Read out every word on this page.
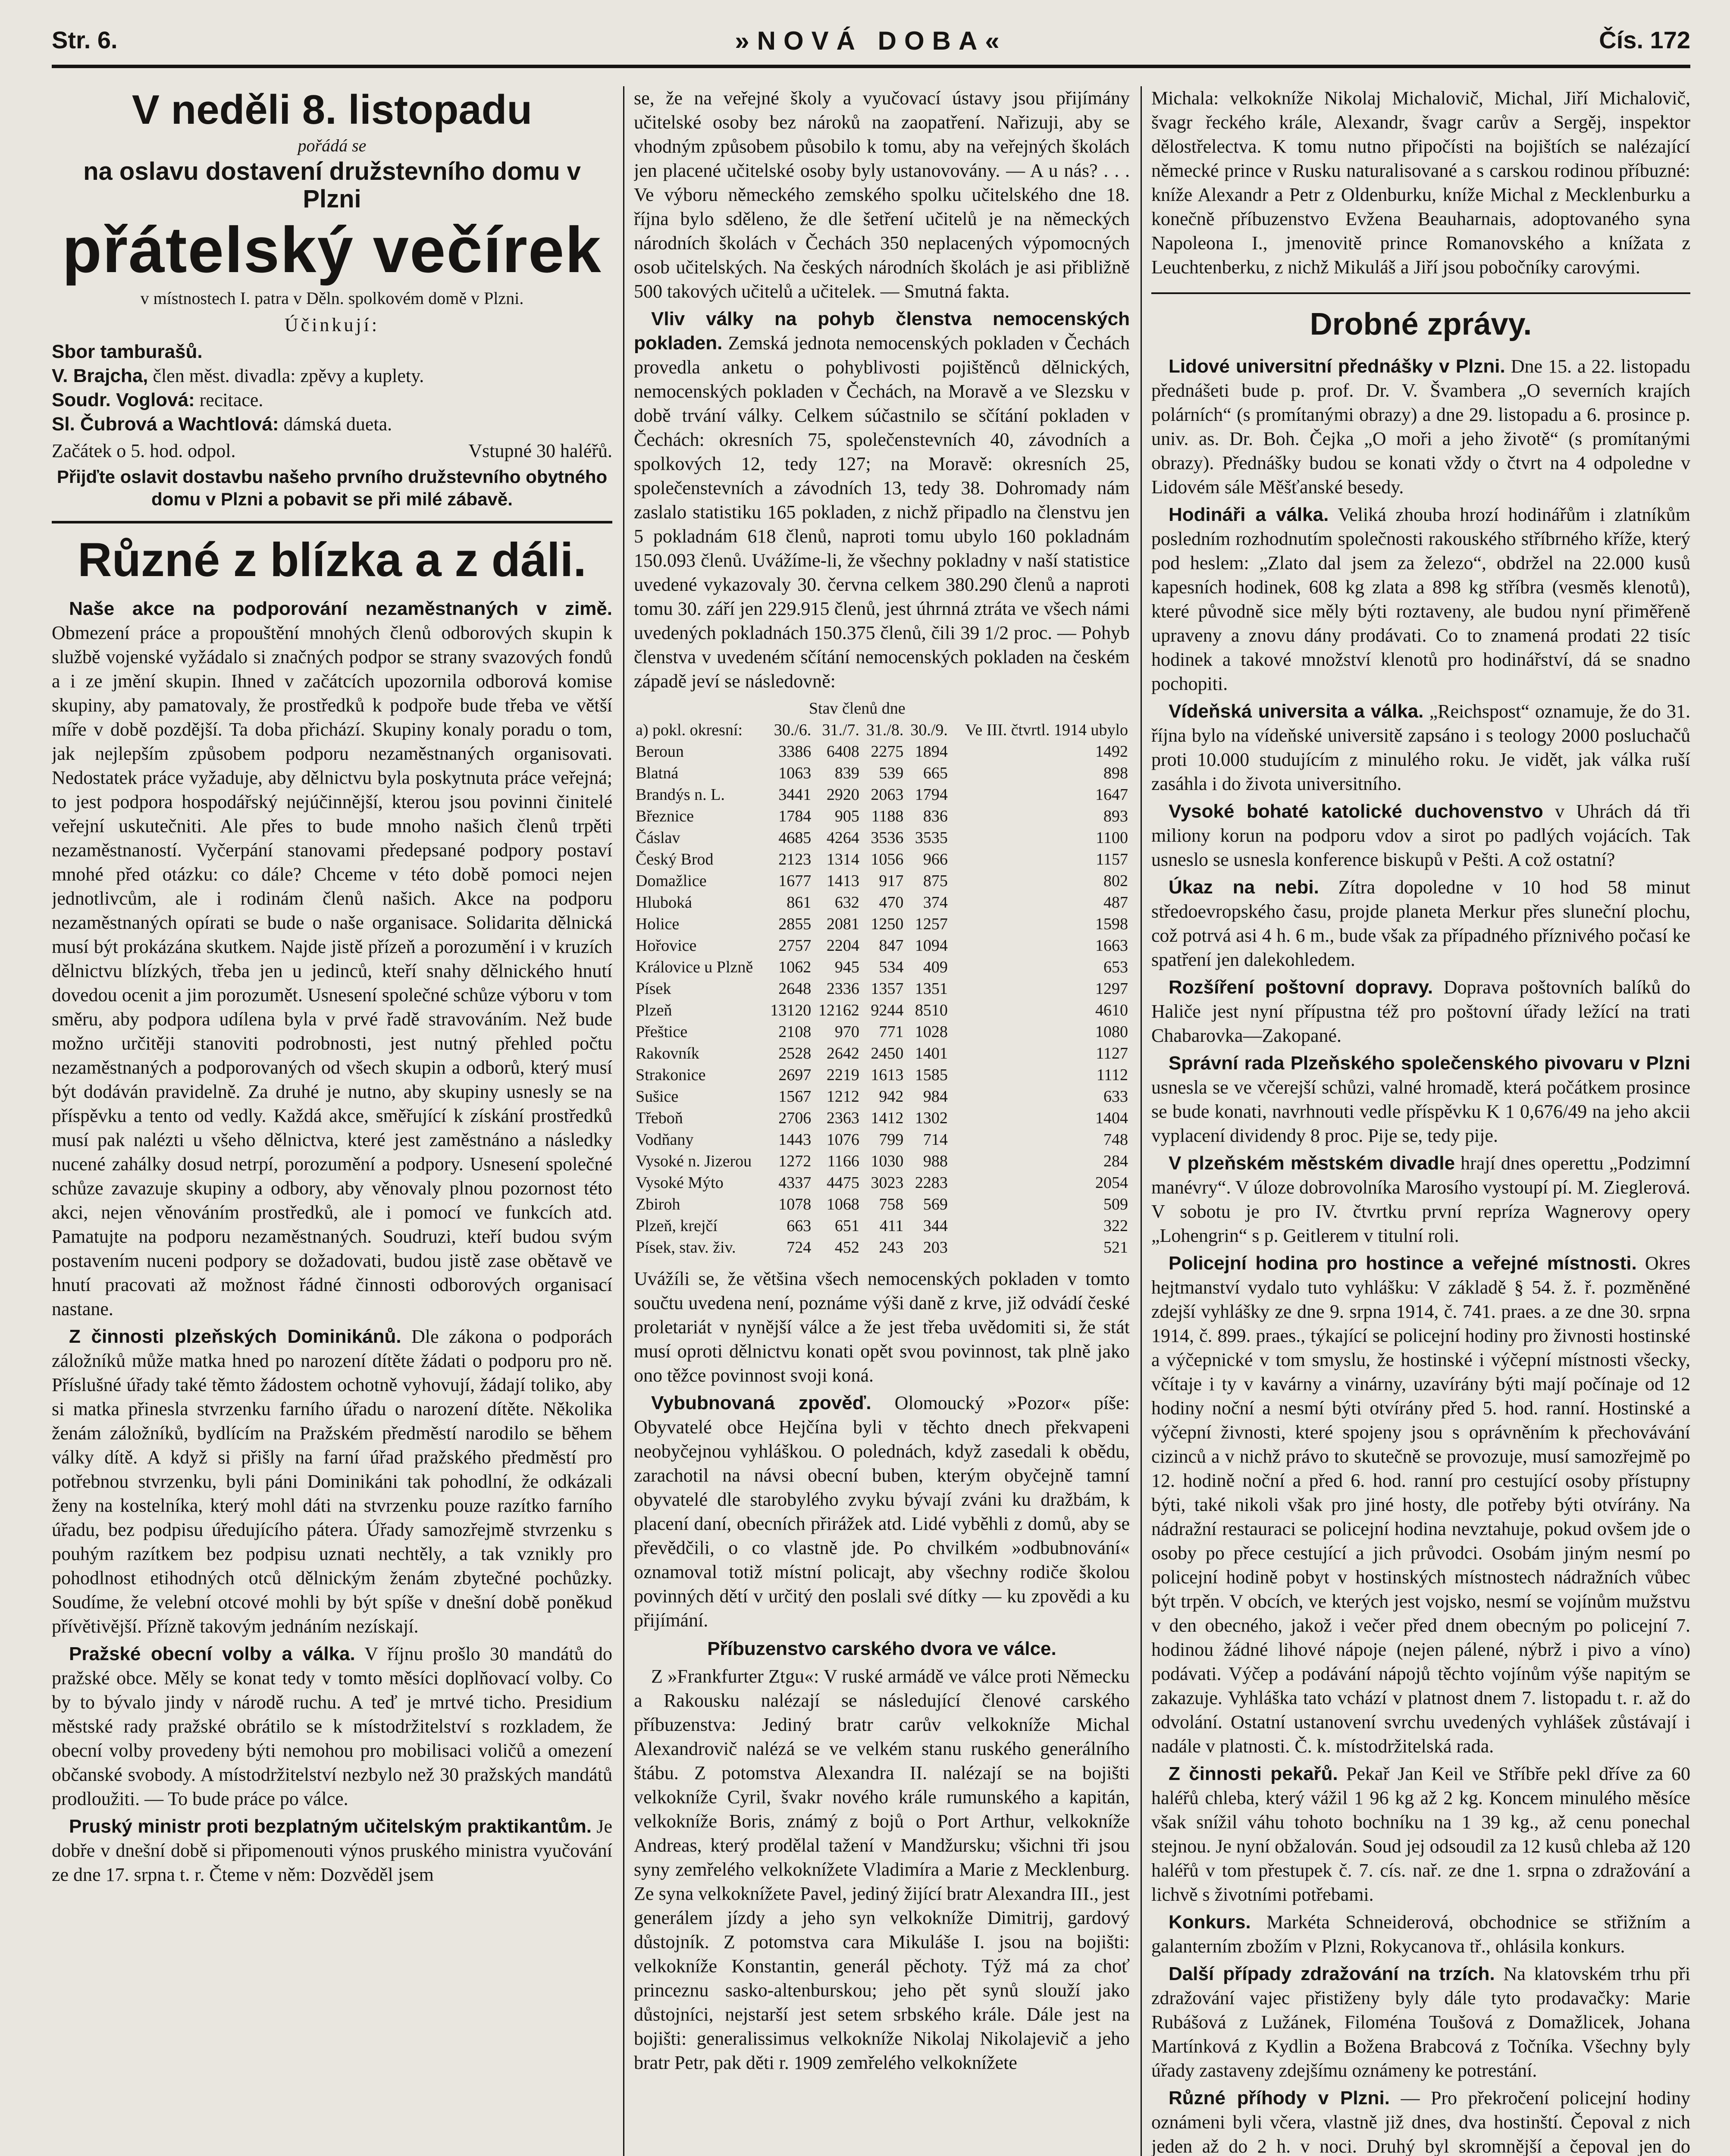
Str. 6.	»NOVÁ DOBA«	Čís. 172
V neděli 8. listopadu
pořádá se
na oslavu dostavení družstevního domu v Plzni
přátelský večírek
v místnostech I. patra v Děln. spolkovém domě v Plzni.
Účinkují:
Sbor tamburašů.
V. Brajcha, člen měst. divadla: zpěvy a kuplety.
Soudr. Voglová: recitace.
Sl. Čubrová a Wachtlová: dámská dueta.
Začátek o 5. hod. odpol.	Vstupné 30 haléřů.
Přijďte oslavit dostavbu našeho prvního družstevního obytného domu v Plzni a pobavit se při milé zábavě.
Různé z blízka a z dáli.

Naše akce na podporování nezaměstnaných v zimě. Obmezení práce a propouštění mnohých členů odborových skupin k službě vojenské vyžádalo si značných podpor se strany svazových fondů a i ze jmění skupin. Ihned v začátcích upozornila odborová komise skupiny, aby pamatovaly, že prostředků k podpoře bude třeba ve větší míře v době pozdější. Ta doba přichází. Skupiny konaly poradu o tom, jak nejlepším způsobem podporu nezaměstnaných organisovati. Nedostatek práce vyžaduje, aby dělnictvu byla poskytnuta práce veřejná; to jest podpora hospodářský nejúčinnější, kterou jsou povinni činitelé veřejní uskutečniti. Ale přes to bude mnoho našich členů trpěti nezaměstnaností. Vyčerpání stanovami předepsané podpory postaví mnohé před otázku: co dále? Chceme v této době pomoci nejen jednotlivcům, ale i rodinám členů našich. Akce na podporu nezaměstnaných opírati se bude o naše organisace. Solidarita dělnická musí být prokázána skutkem. Najde jistě přízeň a porozumění i v kruzích dělnictvu blízkých, třeba jen u jedinců, kteří snahy dělnického hnutí dovedou ocenit a jim porozumět. Usnesení společné schůze výboru v tom směru, aby podpora udílena byla v prvé řadě stravováním. Než bude možno určitěji stanoviti podrobnosti, jest nutný přehled počtu nezaměstnaných a podporovaných od všech skupin a odborů, který musí být dodáván pravidelně. Za druhé je nutno, aby skupiny usnesly se na příspěvku a tento od vedly. Každá akce, směřující k získání prostředků musí pak nalézti u všeho dělnictva, které jest zaměstnáno a následky nucené zahálky dosud netrpí, porozumění a podpory. Usnesení společné schůze zavazuje skupiny a odbory, aby věnovaly plnou pozornost této akci, nejen věnováním prostředků, ale i pomocí ve funkcích atd. Pamatujte na podporu nezaměstnaných. Soudruzi, kteří budou svým postavením nuceni podpory se dožadovati, budou jistě zase obětavě ve hnutí pracovati až možnost řádné činnosti odborových organisací nastane.

Z činnosti plzeňských Dominikánů. Dle zákona o podporách záložníků může matka hned po narození dítěte žádati o podporu pro ně. Příslušné úřady také těmto žádostem ochotně vyhovují, žádají toliko, aby si matka přinesla stvrzenku farního úřadu o narození dítěte. Několika ženám záložníků, bydlícím na Pražském předměstí narodilo se během války dítě. A když si přišly na farní úřad pražského předměstí pro potřebnou stvrzenku, byli páni Dominikáni tak pohodlní, že odkázali ženy na kostelníka, který mohl dáti na stvrzenku pouze razítko farního úřadu, bez podpisu úředujícího pátera. Úřady samozřejmě stvrzenku s pouhým razítkem bez podpisu uznati nechtěly, a tak vznikly pro pohodlnost etihodných otců dělnickým ženám zbytečné pochůzky. Soudíme, že velební otcové mohli by být spíše v dnešní době poněkud přívětivější. Přízně takovým jednáním nezískají.

Pražské obecní volby a válka. V říjnu prošlo 30 mandátů do pražské obce. Měly se konat tedy v tomto měsíci doplňovací volby. Co by to bývalo jindy v národě ruchu. A teď je mrtvé ticho. Presidium městské rady pražské obrátilo se k místodržitelství s rozkladem, že obecní volby provedeny býti nemohou pro mobilisaci voličů a omezení občanské svobody. A místodržitelství nezbylo než 30 pražských mandátů prodloužiti. — To bude práce po válce.

Pruský ministr proti bezplatným učitelským praktikantům. Je dobře v dnešní době si připomenouti výnos pruského ministra vyučování ze dne 17. srpna t. r. Čteme v něm: Dozvěděl jsem

se, že na veřejné školy a vyučovací ústavy jsou přijímány učitelské osoby bez nároků na zaopatření. Nařizuji, aby se vhodným způsobem působilo k tomu, aby na veřejných školách jen placené učitelské osoby byly ustanovovány. — A u nás? . . . Ve výboru německého zemského spolku učitelského dne 18. října bylo sděleno, že dle šetření učitelů je na německých národních školách v Čechách 350 neplacených výpomocných osob učitelských. Na českých národních školách je asi přibližně 500 takových učitelů a učitelek. — Smutná fakta.

Vliv války na pohyb členstva nemocenských pokladen. Zemská jednota nemocenských pokladen v Čechách provedla anketu o pohyblivosti pojištěnců dělnických, nemocenských pokladen v Čechách, na Moravě a ve Slezsku v době trvání války. Celkem súčastnilo se sčítání pokladen v Čechách: okresních 75, společenstevních 40, závodních a spolkových 12, tedy 127; na Moravě: okresních 25, společenstevních a závodních 13, tedy 38. Dohromady nám zaslalo statistiku 165 pokladen, z nichž připadlo na členstvu jen 5 pokladnám 618 členů, naproti tomu ubylo 160 pokladnám 150.093 členů. Uvážíme-li, že všechny pokladny v naší statistice uvedené vykazovaly 30. června celkem 380.290 členů a naproti tomu 30. září jen 229.915 členů, jest úhrnná ztráta ve všech námi uvedených pokladnách 150.375 členů, čili 39 1/2 proc. — Pohyb členstva v uvedeném sčítání nemocenských pokladen na českém západě jeví se následovně:

	Stav členů dne				
a) pokl. okresní:	30./6.	31./7.	31./8.	30./9.	Ve III. čtvrtl. 1914 ubylo
Beroun	3386	6408	2275	1894	1492
Blatná	1063	839	539	665	898
Brandýs n. L.	3441	2920	2063	1794	1647
Březnice	1784	905	1188	836	893
Čáslav	4685	4264	3536	3535	1100
Český Brod	2123	1314	1056	966	1157
Domažlice	1677	1413	917	875	802
Hluboká	861	632	470	374	487
Holice	2855	2081	1250	1257	1598
Hořovice	2757	2204	847	1094	1663
Královice u Plzně	1062	945	534	409	653
Písek	2648	2336	1357	1351	1297
Plzeň	13120	12162	9244	8510	4610
Přeštice	2108	970	771	1028	1080
Rakovník	2528	2642	2450	1401	1127
Strakonice	2697	2219	1613	1585	1112
Sušice	1567	1212	942	984	633
Třeboň	2706	2363	1412	1302	1404
Vodňany	1443	1076	799	714	748
Vysoké n. Jizerou	1272	1166	1030	988	284
Vysoké Mýto	4337	4475	3023	2283	2054
Zbiroh	1078	1068	758	569	509
Plzeň, krejčí	663	651	411	344	322
Písek, stav. živ.	724	452	243	203	521

Uvážíli se, že většina všech nemocenských pokladen v tomto součtu uvedena není, poznáme výši daně z krve, již odvádí české proletariát v nynější válce a že jest třeba uvědomiti si, že stát musí oproti dělnictvu konati opět svou povinnost, tak plně jako ono těžce povinnost svoji koná.

Vybubnovaná zpověď. Olomoucký »Pozor« píše: Obyvatelé obce Hejčína byli v těchto dnech překvapeni neobyčejnou vyhláškou. O polednách, když zasedali k obědu, zarachotil na návsi obecní buben, kterým obyčejně tamní obyvatelé dle starobylého zvyku bývají zváni ku dražbám, k placení daní, obecních přirážek atd. Lidé vyběhli z domů, aby se převědčili, o co vlastně jde. Po chvilkém »odbubnování« oznamoval totiž místní policajt, aby všechny rodiče školou povinných dětí v určitý den poslali své dítky — ku zpovědi a ku přijímání.

Příbuzenstvo carského dvora ve válce.

Z »Frankfurter Ztgu«: V ruské armádě ve válce proti Německu a Rakousku nalézají se následující členové carského příbuzenstva: Jediný bratr carův velkokníže Michal Alexandrovič nalézá se ve velkém stanu ruského generálního štábu. Z potomstva Alexandra II. nalézají se na bojišti velkokníže Cyril, švakr nového krále rumunského a kapitán, velkokníže Boris, známý z bojů o Port Arthur, velkokníže Andreas, který prodělal tažení v Mandžursku; všichni tři jsou syny zemřelého velkoknížete Vladimíra a Marie z Mecklenburg. Ze syna velkoknížete Pavel, jediný žijící bratr Alexandra III., jest generálem jízdy a jeho syn velkokníže Dimitrij, gardový důstojník. Z potomstva cara Mikuláše I. jsou na bojišti: velkokníže Konstantin, generál pěchoty. Týž má za choť princeznu sasko-altenburskou; jeho pět synů slouží jako důstojníci, nejstarší jest setem srbského krále. Dále jest na bojišti: generalissimus velkokníže Nikolaj Nikolajevič a jeho bratr Petr, pak děti r. 1909 zemřelého velkoknížete

Michala: velkokníže Nikolaj Michalovič, Michal, Jiří Michalovič, švagr řeckého krále, Alexandr, švagr carův a Sergěj, inspektor dělostřelectva. K tomu nutno připočísti na bojištích se nalézající německé prince v Rusku naturalisované a s carskou rodinou příbuzné: kníže Alexandr a Petr z Oldenburku, kníže Michal z Mecklenburku a konečně příbuzenstvo Evžena Beauharnais, adoptovaného syna Napoleona I., jmenovitě prince Romanovského a knížata z Leuchtenberku, z nichž Mikuláš a Jiří jsou pobočníky carovými.

Drobné zprávy.

Lidové universitní přednášky v Plzni. Dne 15. a 22. listopadu přednášeti bude p. prof. Dr. V. Švambera „O severních krajích polárních“ (s promítanými obrazy) a dne 29. listopadu a 6. prosince p. univ. as. Dr. Boh. Čejka „O moři a jeho životě“ (s promítanými obrazy). Přednášky budou se konati vždy o čtvrt na 4 odpoledne v Lidovém sále Měšťanské besedy.

Hodináři a válka. Veliká zhouba hrozí hodinářům i zlatníkům posledním rozhodnutím společnosti rakouského stříbrného kříže, který pod heslem: „Zlato dal jsem za železo“, obdržel na 22.000 kusů kapesních hodinek, 608 kg zlata a 898 kg stříbra (vesměs klenotů), které původně sice měly býti roztaveny, ale budou nyní přiměřeně upraveny a znovu dány prodávati. Co to znamená prodati 22 tisíc hodinek a takové množství klenotů pro hodinářství, dá se snadno pochopiti.

Vídeňská universita a válka. „Reichspost“ oznamuje, že do 31. října bylo na vídeňské universitě zapsáno i s teology 2000 posluchačů proti 10.000 studujícím z minulého roku. Je vidět, jak válka ruší zasáhla i do života universitního.

Vysoké bohaté katolické duchovenstvo v Uhrách dá tři miliony korun na podporu vdov a sirot po padlých vojácích. Tak usneslo se usnesla konference biskupů v Pešti. A což ostatní?

Úkaz na nebi. Zítra dopoledne v 10 hod 58 minut středoevropského času, projde planeta Merkur přes sluneční plochu, což potrvá asi 4 h. 6 m., bude však za případného příznivého počasí ke spatření jen dalekohledem.

Rozšíření poštovní dopravy. Doprava poštovních balíků do Haliče jest nyní přípustna též pro poštovní úřady ležící na trati Chabarovka—Zakopané.

Správní rada Plzeňského společenského pivovaru v Plzni usnesla se ve včerejší schůzi, valné hromadě, která počátkem prosince se bude konati, navrhnouti vedle příspěvku K 1 0,676/49 na jeho akcii vyplacení dividendy 8 proc. Pije se, tedy pije.

V plzeňském městském divadle hrají dnes operettu „Podzimní manévry“. V úloze dobrovolníka Marosího vystoupí pí. M. Zieglerová. V sobotu je pro IV. čtvrtku první repríza Wagnerovy opery „Lohengrin“ s p. Geitlerem v titulní roli.

Policejní hodina pro hostince a veřejné místnosti. Okres hejtmanství vydalo tuto vyhlášku: V základě § 54. ž. ř. pozměněné zdejší vyhlášky ze dne 9. srpna 1914, č. 741. praes. a ze dne 30. srpna 1914, č. 899. praes., týkající se policejní hodiny pro živnosti hostinské a výčepnické v tom smyslu, že hostinské i výčepní místnosti všecky, včítaje i ty v kavárny a vinárny, uzavírány býti mají počínaje od 12 hodiny noční a nesmí býti otvírány před 5. hod. ranní. Hostinské a výčepní živnosti, které spojeny jsou s oprávněním k přechovávání cizinců a v nichž právo to skutečně se provozuje, musí samozřejmě po 12. hodině noční a před 6. hod. ranní pro cestující osoby přístupny býti, také nikoli však pro jiné hosty, dle potřeby býti otvírány. Na nádražní restauraci se policejní hodina nevztahuje, pokud ovšem jde o osoby po přece cestující a jich průvodci. Osobám jiným nesmí po policejní hodině pobyt v hostinských místnostech nádražních vůbec být trpěn. V obcích, ve kterých jest vojsko, nesmí se vojínům mužstvu v den obecného, jakož i večer před dnem obecným po policejní 7. hodinou žádné lihové nápoje (nejen pálené, nýbrž i pivo a víno) podávati. Výčep a podávání nápojů těchto vojínům výše napitým se zakazuje. Vyhláška tato vchází v platnost dnem 7. listopadu t. r. až do odvolání. Ostatní ustanovení svrchu uvedených vyhlášek zůstávají i nadále v platnosti. Č. k. místodržitelská rada.

Z činnosti pekařů. Pekař Jan Keil ve Stříbře pekl dříve za 60 haléřů chleba, který vážil 1 96 kg až 2 kg. Koncem minulého měsíce však snížil váhu tohoto bochníku na 1 39 kg., až cenu ponechal stejnou. Je nyní obžalován. Soud jej odsoudil za 12 kusů chleba až 120 haléřů v tom přestupek č. 7. cís. nař. ze dne 1. srpna o zdražování a lichvě s životními potřebami.

Konkurs. Markéta Schneiderová, obchodnice se střižním a galanterním zbožím v Plzni, Rokycanova tř., ohlásila konkurs.

Další případy zdražování na trzích. Na klatovském trhu při zdražování vajec přistiženy byly dále tyto prodavačky: Marie Rubášová z Lužánek, Filoména Toušová z Domažlicek, Johana Martínková z Kydlin a Božena Brabcová z Točníka. Všechny byly úřady zastaveny zdejšímu oznámeny ke potrestání.

Různé příhody v Plzni. — Pro překročení policejní hodiny oznámeni byli včera, vlastně již dnes, dva hostinští. Čepoval z nich jeden až do 2 h. v noci. Druhý byl skromnější a čepoval jen do
